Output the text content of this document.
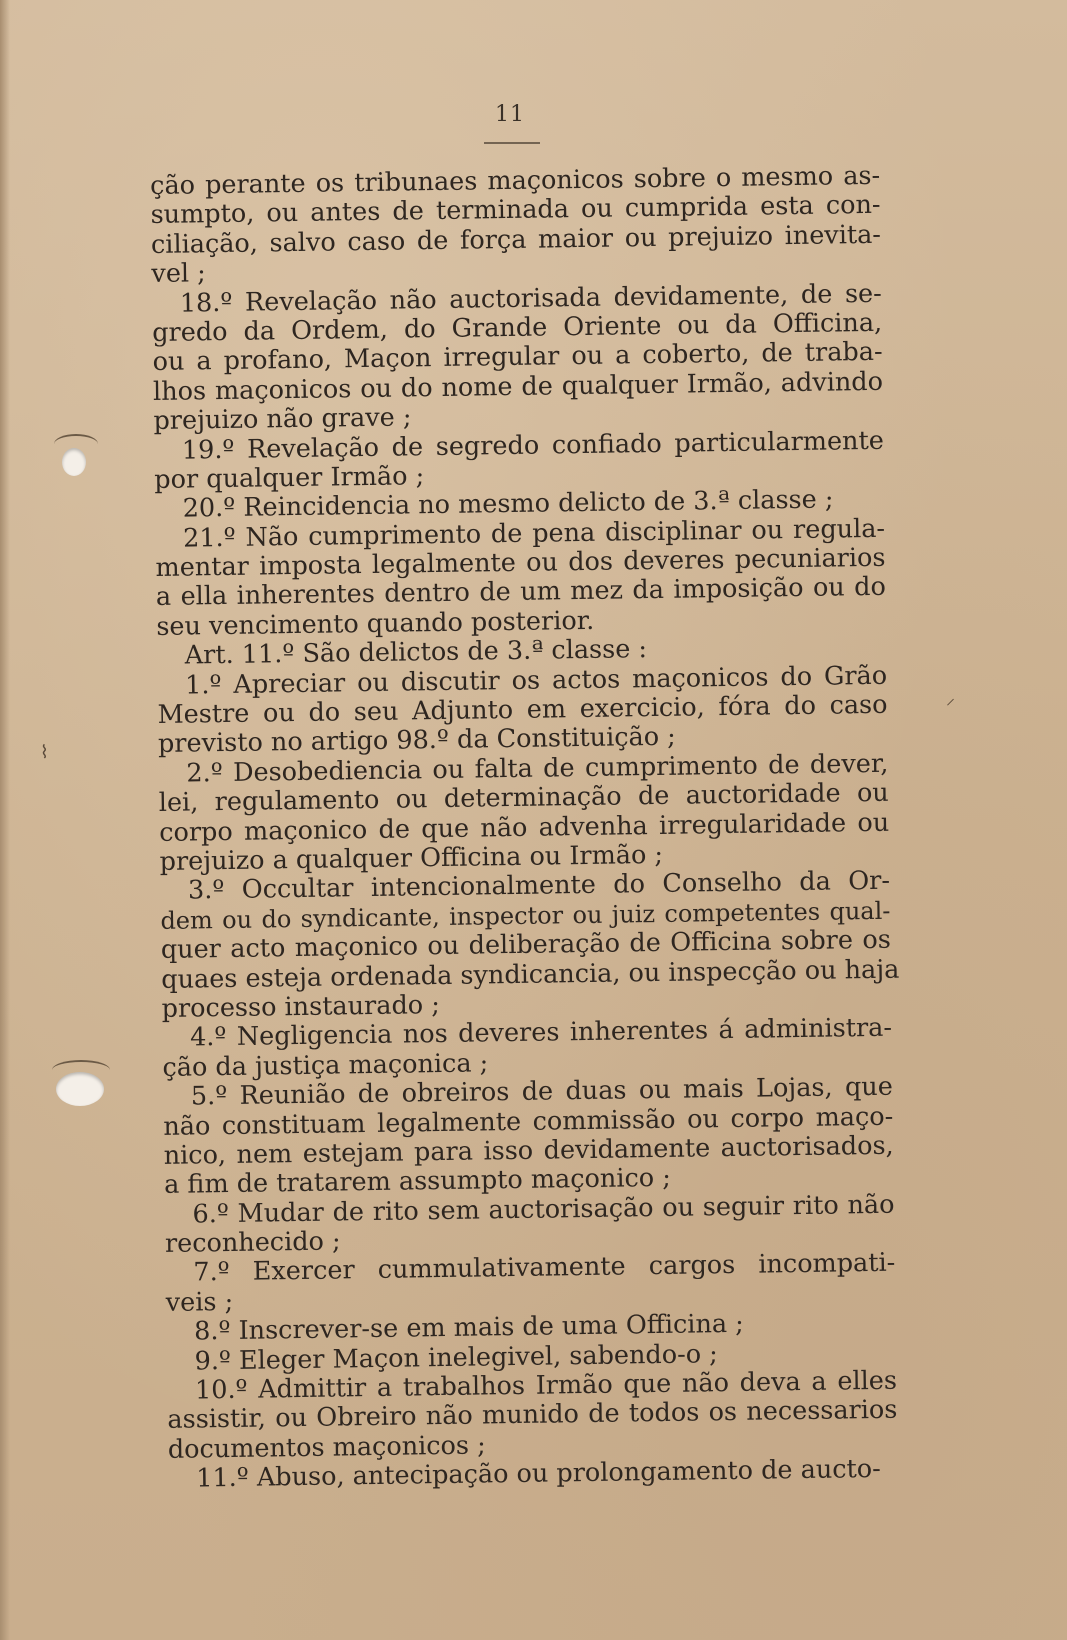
⌇
⸝
11
ção perante os tribunaes maçonicos sobre o mesmo as-
sumpto, ou antes de terminada ou cumprida esta con-
ciliação, salvo caso de força maior ou prejuizo inevita-
vel ;
18.º Revelação não auctorisada devidamente, de se-
gredo da Ordem, do Grande Oriente ou da Officina,
ou a profano, Maçon irregular ou a coberto, de traba-
lhos maçonicos ou do nome de qualquer Irmão, advindo
prejuizo não grave ;
19.º Revelação de segredo confiado particularmente
por qualquer Irmão ;
20.º Reincidencia no mesmo delicto de 3.ª classe ;
21.º Não cumprimento de pena disciplinar ou regula-
mentar imposta legalmente ou dos deveres pecuniarios
a ella inherentes dentro de um mez da imposição ou do
seu vencimento quando posterior.
Art. 11.º São delictos de 3.ª classe :
1.º Apreciar ou discutir os actos maçonicos do Grão
Mestre ou do seu Adjunto em exercicio, fóra do caso
previsto no artigo 98.º da Constituição ;
2.º Desobediencia ou falta de cumprimento de dever,
lei, regulamento ou determinação de auctoridade ou
corpo maçonico de que não advenha irregularidade ou
prejuizo a qualquer Officina ou Irmão ;
3.º Occultar intencionalmente do Conselho da Or-
dem ou do syndicante, inspector ou juiz competentes qual-
quer acto maçonico ou deliberação de Officina sobre os
quaes esteja ordenada syndicancia, ou inspecção ou haja
processo instaurado ;
4.º Negligencia nos deveres inherentes á administra-
ção da justiça maçonica ;
5.º Reunião de obreiros de duas ou mais Lojas, que
não constituam legalmente commissão ou corpo maço-
nico, nem estejam para isso devidamente auctorisados,
a fim de tratarem assumpto maçonico ;
6.º Mudar de rito sem auctorisação ou seguir rito não
reconhecido ;
7.º Exercer cummulativamente cargos incompati-
veis ;
8.º Inscrever-se em mais de uma Officina ;
9.º Eleger Maçon inelegivel, sabendo-o ;
10.º Admittir a trabalhos Irmão que não deva a elles
assistir, ou Obreiro não munido de todos os necessarios
documentos maçonicos ;
11.º Abuso, antecipação ou prolongamento de aucto-
